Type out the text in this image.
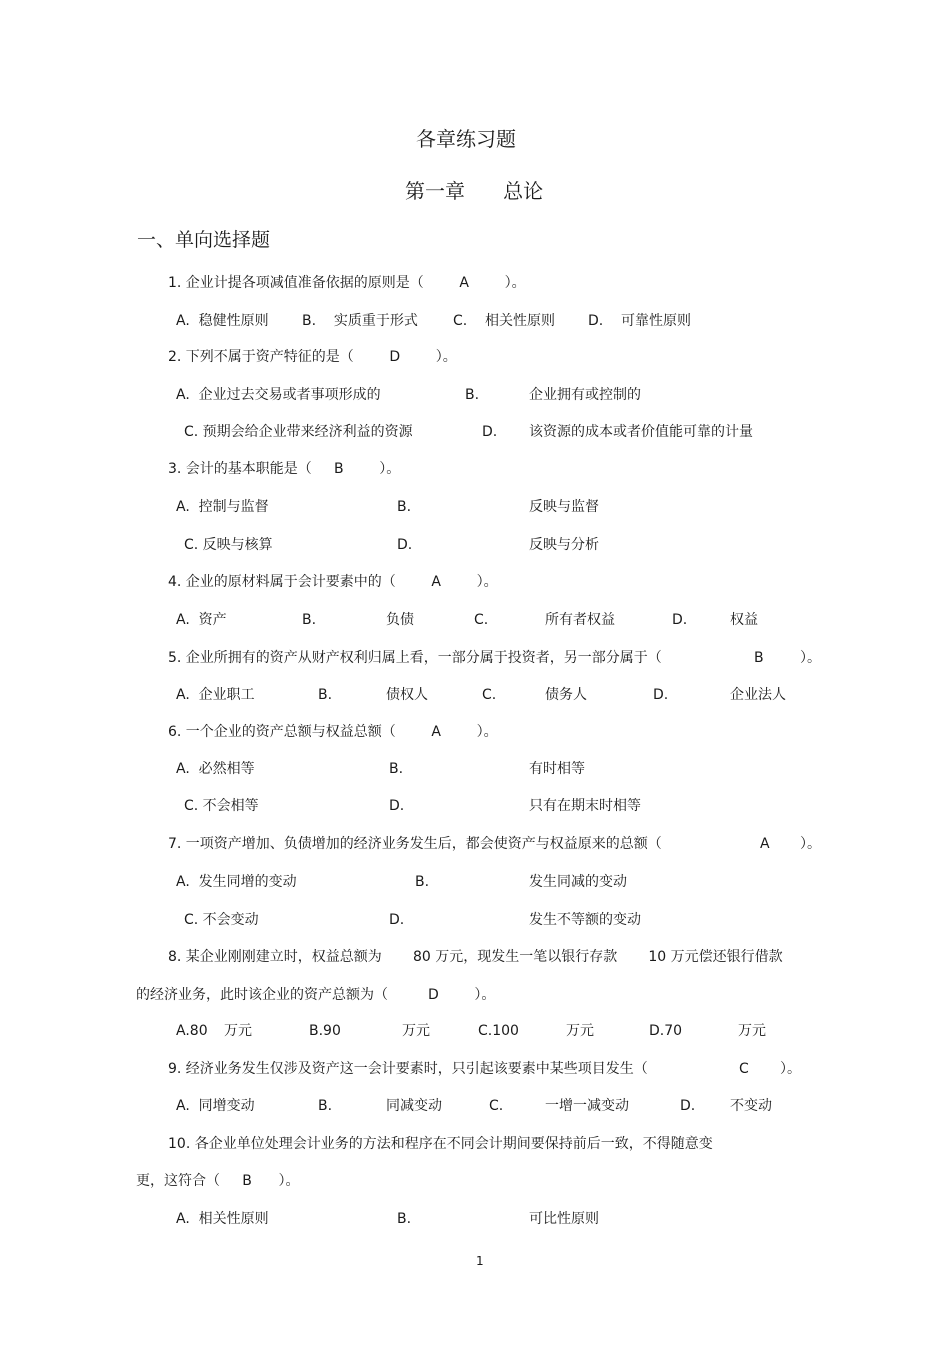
各章练习题
第一章      总论
一、单向选择题
1. 企业计提各项减值准备依据的原则是（        A        ）。
A.  稳健性原则 B.    实质重于形式	C.    相关性原则 D.    可靠性原则
2. 下列不属于资产特征的是（        D        ）。
A.  企业过去交易或者事项形成的	B.	企业拥有或控制的
C. 预期会给企业带来经济利益的资源	D. 该资源的成本或者价值能可靠的计量
3. 会计的基本职能是（     B        ）。
A.  控制与监督	B.	反映与监督
C. 反映与核算	D.	反映与分析
4. 企业的原材料属于会计要素中的（        A        ）。
A.  资产	B.	负债	C.	所有者权益	D.	权益
5. 企业所拥有的资产从财产权利归属上看，一部分属于投资者，另一部分属于（	B	）。
A.  企业职工	B.	债权人	C.	债务人	D.	企业法人
6. 一个企业的资产总额与权益总额（        A        ）。
A.  必然相等	B.	有时相等
C. 不会相等	D.	只有在期末时相等
7. 一项资产增加、负债增加的经济业务发生后，都会使资产与权益原来的总额（	A ）。
A.  发生同增的变动	B.	发生同减的变动
C. 不会变动	D.	发生不等额的变动
8. 某企业刚刚建立时，权益总额为       80 万元，现发生一笔以银行存款       10 万元偿还银行借款
的经济业务，此时该企业的资产总额为（         D        ）。
A.80 万元	B.90	万元	C.100	万元	D.70	万元
9. 经济业务发生仅涉及资产这一会计要素时，只引起该要素中某些项目发生（	C ）。
A.  同增变动	B.	同减变动	C.	一增一减变动	D. 不变动
10. 各企业单位处理会计业务的方法和程序在不同会计期间要保持前后一致，不得随意变
更，这符合（     B      ）。
A.  相关性原则	B.	可比性原则
1
